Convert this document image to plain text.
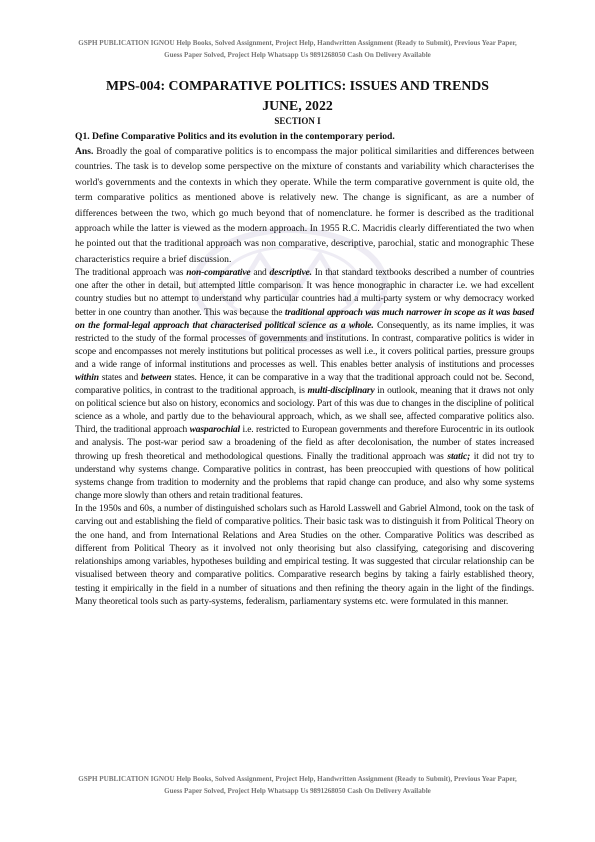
GSPH PUBLICATION IGNOU Help Books, Solved Assignment, Project Help, Handwritten Assignment (Ready to Submit), Previous Year Paper, Guess Paper Solved, Project Help Whatsapp Us 9891268050 Cash On Delivery Available
MPS-004: COMPARATIVE POLITICS: ISSUES AND TRENDS
JUNE, 2022
SECTION I
Q1. Define Comparative Politics and its evolution in the contemporary period.

Ans. Broadly the goal of comparative politics is to encompass the major political similarities and differences between countries. The task is to develop some perspective on the mixture of constants and variability which characterises the world's governments and the contexts in which they operate. While the term comparative government is quite old, the term comparative politics as mentioned above is relatively new. The change is significant, as are a number of differences between the two, which go much beyond that of nomenclature. he former is described as the traditional approach while the latter is viewed as the modern approach. In 1955 R.C. Macridis clearly differentiated the two when he pointed out that the traditional approach was non comparative, descriptive, parochial, static and monographic These characteristics require a brief discussion.

The traditional approach was non-comparative and descriptive. In that standard textbooks described a number of countries one after the other in detail, but attempted little comparison. It was hence monographic in character i.e. we had excellent country studies but no attempt to understand why particular countries had a multi-party system or why democracy worked better in one country than another. This was because the traditional approach was much narrower in scope as it was based on the formal-legal approach that characterised political science as a whole. Consequently, as its name implies, it was restricted to the study of the formal processes of governments and institutions. In contrast, comparative politics is wider in scope and encompasses not merely institutions but political processes as well i.e., it covers political parties, pressure groups and a wide range of informal institutions and processes as well. This enables better analysis of institutions and processes within states and between states. Hence, it can be comparative in a way that the traditional approach could not be. Second, comparative politics, in contrast to the traditional approach, is multi-disciplinary in outlook, meaning that it draws not only on political science but also on history, economics and sociology. Part of this was due to changes in the discipline of political science as a whole, and partly due to the behavioural approach, which, as we shall see, affected comparative politics also. Third, the traditional approach wasparochial i.e. restricted to European governments and therefore Eurocentric in its outlook and analysis. The post-war period saw a broadening of the field as after decolonisation, the number of states increased throwing up fresh theoretical and methodological questions. Finally the traditional approach was static; it did not try to understand why systems change. Comparative politics in contrast, has been preoccupied with questions of how political systems change from tradition to modernity and the problems that rapid change can produce, and also why some systems change more slowly than others and retain traditional features.

In the 1950s and 60s, a number of distinguished scholars such as Harold Lasswell and Gabriel Almond, took on the task of carving out and establishing the field of comparative politics. Their basic task was to distinguish it from Political Theory on the one hand, and from International Relations and Area Studies on the other. Comparative Politics was described as different from Political Theory as it involved not only theorising but also classifying, categorising and discovering relationships among variables, hypotheses building and empirical testing. It was suggested that circular relationship can be visualised between theory and comparative politics. Comparative research begins by taking a fairly established theory, testing it empirically in the field in a number of situations and then refining the theory again in the light of the findings. Many theoretical tools such as party-systems, federalism, parliamentary systems etc. were formulated in this manner.

GSPH PUBLICATION IGNOU Help Books, Solved Assignment, Project Help, Handwritten Assignment (Ready to Submit), Previous Year Paper, Guess Paper Solved, Project Help Whatsapp Us 9891268050 Cash On Delivery Available
